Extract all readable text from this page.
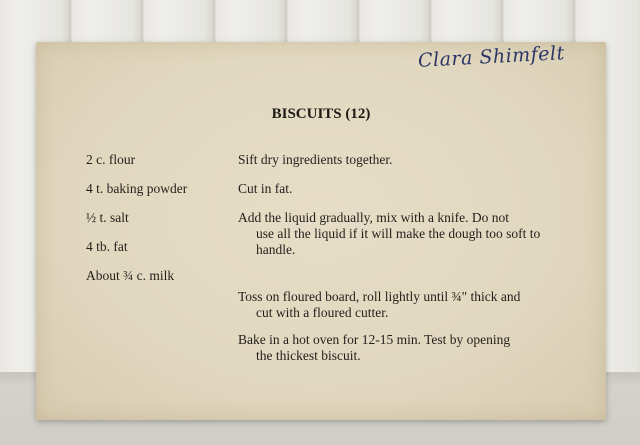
Clara Shimfelt
BISCUITS (12)
2 c. flour
4 t. baking powder
½ t. salt
4 tb. fat
About ¾ c. milk
Sift dry ingredients together.
Cut in fat.
Add the liquid gradually, mix with a knife. Do not
use all the liquid if it will make the dough too soft to handle.
Toss on floured board, roll lightly until ¾" thick and
cut with a floured cutter.
Bake in a hot oven for 12-15 min. Test by opening
the thickest biscuit.
